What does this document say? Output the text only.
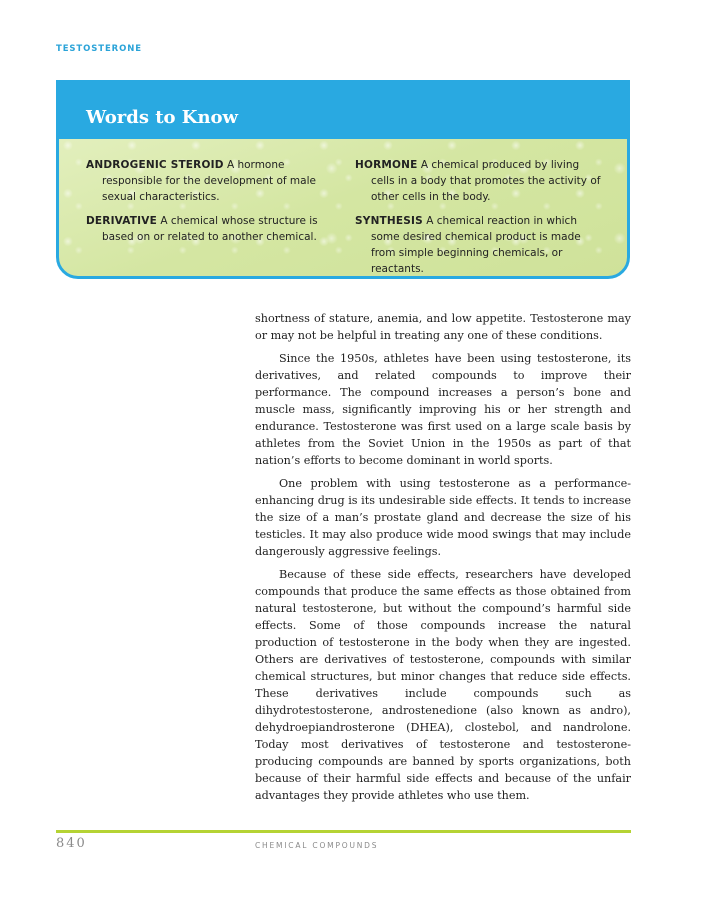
TESTOSTERONE
Words to Know
ANDROGENIC STEROID A hormone responsible for the development of male sexual characteristics.
DERIVATIVE A chemical whose structure is based on or related to another chemical.
HORMONE A chemical produced by living cells in a body that promotes the activity of other cells in the body.
SYNTHESIS A chemical reaction in which some desired chemical product is made from simple beginning chemicals, or reactants.

shortness of stature, anemia, and low appetite. Testosterone may or may not be helpful in treating any one of these conditions.

Since the 1950s, athletes have been using testosterone, its derivatives, and related compounds to improve their performance. The compound increases a person’s bone and muscle mass, significantly improving his or her strength and endurance. Testosterone was first used on a large scale basis by athletes from the Soviet Union in the 1950s as part of that nation’s efforts to become dominant in world sports.

One problem with using testosterone as a performance-enhancing drug is its undesirable side effects. It tends to increase the size of a man’s prostate gland and decrease the size of his testicles. It may also produce wide mood swings that may include dangerously aggressive feelings.

Because of these side effects, researchers have developed compounds that produce the same effects as those obtained from natural testosterone, but without the compound’s harmful side effects. Some of those compounds increase the natural production of testosterone in the body when they are ingested. Others are derivatives of testosterone, compounds with similar chemical structures, but minor changes that reduce side effects. These derivatives include compounds such as dihydrotestosterone, androstenedione (also known as andro), dehydroepiandrosterone (DHEA), clostebol, and nandrolone. Today most derivatives of testosterone and testosterone-producing compounds are banned by sports organizations, both because of their harmful side effects and because of the unfair advantages they provide athletes who use them.

840	CHEMICAL COMPOUNDS
